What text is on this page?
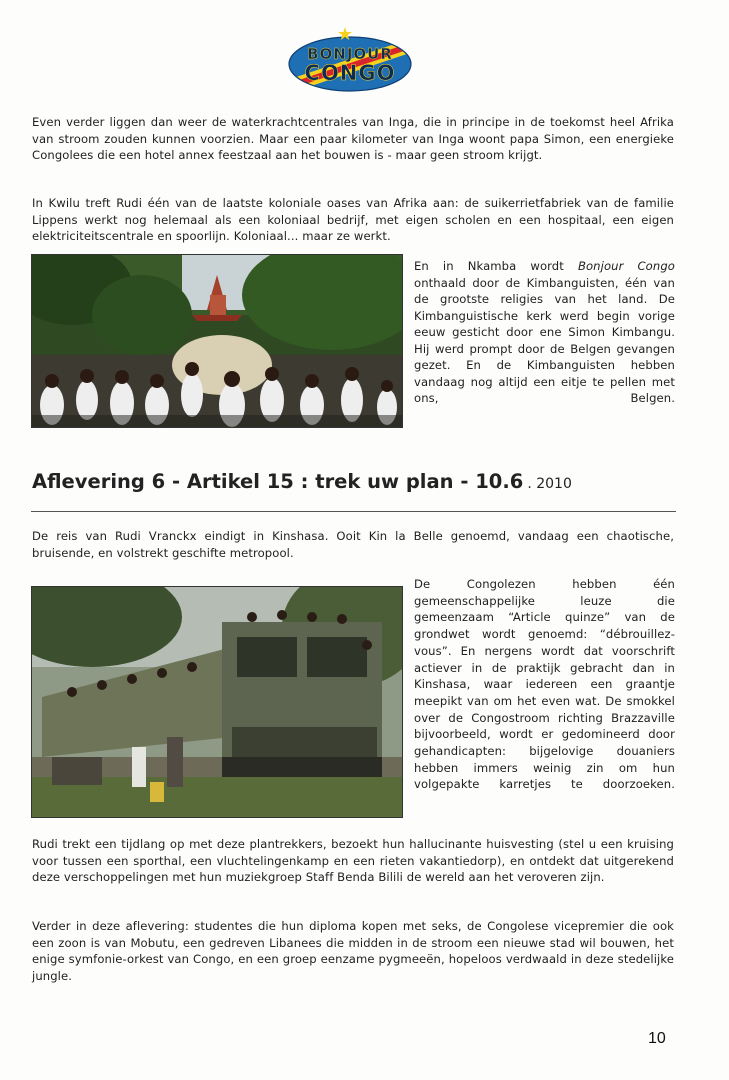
BONJOUR
CONGO

Even verder liggen dan weer de waterkrachtcentrales van Inga, die in principe in de toekomst heel Afrika van stroom zouden kunnen voorzien. Maar een paar kilometer van Inga woont papa Simon, een energieke Congolees die een hotel annex feestzaal aan het bouwen is - maar geen stroom krijgt.

In Kwilu treft Rudi één van de laatste koloniale oases van Afrika aan: de suikerrietfabriek van de familie Lippens werkt nog helemaal als een koloniaal bedrijf, met eigen scholen en een hospitaal, een eigen elektriciteitscentrale en spoorlijn. Koloniaal... maar ze werkt.

En in Nkamba wordt Bonjour Congo onthaald door de Kimbanguisten, één van de grootste religies van het land. De Kimbanguistische kerk werd begin vorige eeuw gesticht door ene Simon Kimbangu. Hij werd prompt door de Belgen gevangen gezet. En de Kimbanguisten hebben vandaag nog altijd een eitje te pellen met ons, Belgen.

Aflevering 6 - Artikel 15 : trek uw plan - 10.6 . 2010

De reis van Rudi Vranckx eindigt in Kinshasa. Ooit Kin la Belle genoemd, vandaag een chaotische, bruisende, en volstrekt geschifte metropool.

De Congolezen hebben één gemeenschappelijke leuze die gemeenzaam “Article quinze” van de grondwet wordt genoemd: “débrouillez-vous”. En nergens wordt dat voorschrift actiever in de praktijk gebracht dan in Kinshasa, waar iedereen een graantje meepikt van om het even wat. De smokkel over de Congostroom richting Brazzaville bijvoorbeeld, wordt er gedomineerd door gehandicapten: bijgelovige douaniers hebben immers weinig zin om hun volgepakte karretjes te doorzoeken.

Rudi trekt een tijdlang op met deze plantrekkers, bezoekt hun hallucinante huisvesting (stel u een kruising voor tussen een sporthal, een vluchtelingenkamp en een rieten vakantiedorp), en ontdekt dat uitgerekend deze verschoppelingen met hun muziekgroep Staff Benda Bilili de wereld aan het veroveren zijn.

Verder in deze aflevering: studentes die hun diploma kopen met seks, de Congolese vicepremier die ook een zoon is van Mobutu, een gedreven Libanees die midden in de stroom een nieuwe stad wil bouwen, het enige symfonie-orkest van Congo, en een groep eenzame pygmeeën, hopeloos verdwaald in deze stedelijke jungle.

10
